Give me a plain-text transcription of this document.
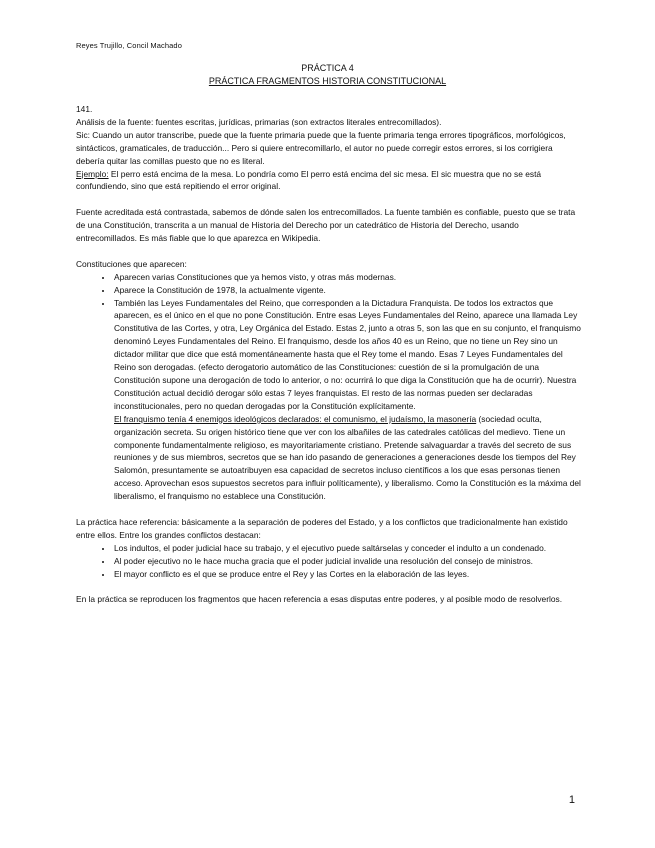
Reyes Trujillo, Concil Machado
PRÁCTICA 4
PRÁCTICA FRAGMENTOS HISTORIA CONSTITUCIONAL

141.

Análisis de la fuente: fuentes escritas, jurídicas, primarias (son extractos literales entrecomillados).

Sic: Cuando un autor transcribe, puede que la fuente primaria puede que la fuente primaria tenga errores tipográficos, morfológicos, sintácticos, gramaticales, de traducción... Pero si quiere entrecomillarlo, el autor no puede corregir estos errores, si los corrigiera debería quitar las comillas puesto que no es literal.

Ejemplo: El perro está encima de la mesa. Lo pondría como El perro está encima del sic mesa. El sic muestra que no se está confundiendo, sino que está repitiendo el error original.

Fuente acreditada está contrastada, sabemos de dónde salen los entrecomillados. La fuente también es confiable, puesto que se trata de una Constitución, transcrita a un manual de Historia del Derecho por un catedrático de Historia del Derecho, usando entrecomillados. Es más fiable que lo que aparezca en Wikipedia.

Constituciones que aparecen:

• Aparecen varias Constituciones que ya hemos visto, y otras más modernas.
• Aparece la Constitución de 1978, la actualmente vigente.
• También las Leyes Fundamentales del Reino, que corresponden a la Dictadura Franquista. De todos los extractos que aparecen, es el único en el que no pone Constitución. Entre esas Leyes Fundamentales del Reino, aparece una llamada Ley Constitutiva de las Cortes, y otra, Ley Orgánica del Estado. Estas 2, junto a otras 5, son las que en su conjunto, el franquismo denominó Leyes Fundamentales del Reino. El franquismo, desde los años 40 es un Reino, que no tiene un Rey sino un dictador militar que dice que está momentáneamente hasta que el Rey tome el mando. Esas 7 Leyes Fundamentales del Reino son derogadas. (efecto derogatorio automático de las Constituciones: cuestión de si la promulgación de una Constitución supone una derogación de todo lo anterior, o no: ocurrirá lo que diga la Constitución que ha de ocurrir). Nuestra Constitución actual decidió derogar sólo estas 7 leyes franquistas. El resto de las normas pueden ser declaradas inconstitucionales, pero no quedan derogadas por la Constitución explícitamente.
El franquismo tenía 4 enemigos ideológicos declarados: el comunismo, el judaísmo, la masonería (sociedad oculta, organización secreta. Su origen histórico tiene que ver con los albañiles de las catedrales católicas del medievo. Tiene un componente fundamentalmente religioso, es mayoritariamente cristiano. Pretende salvaguardar a través del secreto de sus reuniones y de sus miembros, secretos que se han ido pasando de generaciones a generaciones desde los tiempos del Rey Salomón, presuntamente se autoatribuyen esa capacidad de secretos incluso científicos a los que esas personas tienen acceso. Aprovechan esos supuestos secretos para influir políticamente), y liberalismo. Como la Constitución es la máxima del liberalismo, el franquismo no establece una Constitución.

La práctica hace referencia: básicamente a la separación de poderes del Estado, y a los conflictos que tradicionalmente han existido entre ellos. Entre los grandes conflictos destacan:

• Los indultos, el poder judicial hace su trabajo, y el ejecutivo puede saltárselas y conceder el indulto a un condenado.
• Al poder ejecutivo no le hace mucha gracia que el poder judicial invalide una resolución del consejo de ministros.
• El mayor conflicto es el que se produce entre el Rey y las Cortes en la elaboración de las leyes.

En la práctica se reproducen los fragmentos que hacen referencia a esas disputas entre poderes, y al posible modo de resolverlos.

1
